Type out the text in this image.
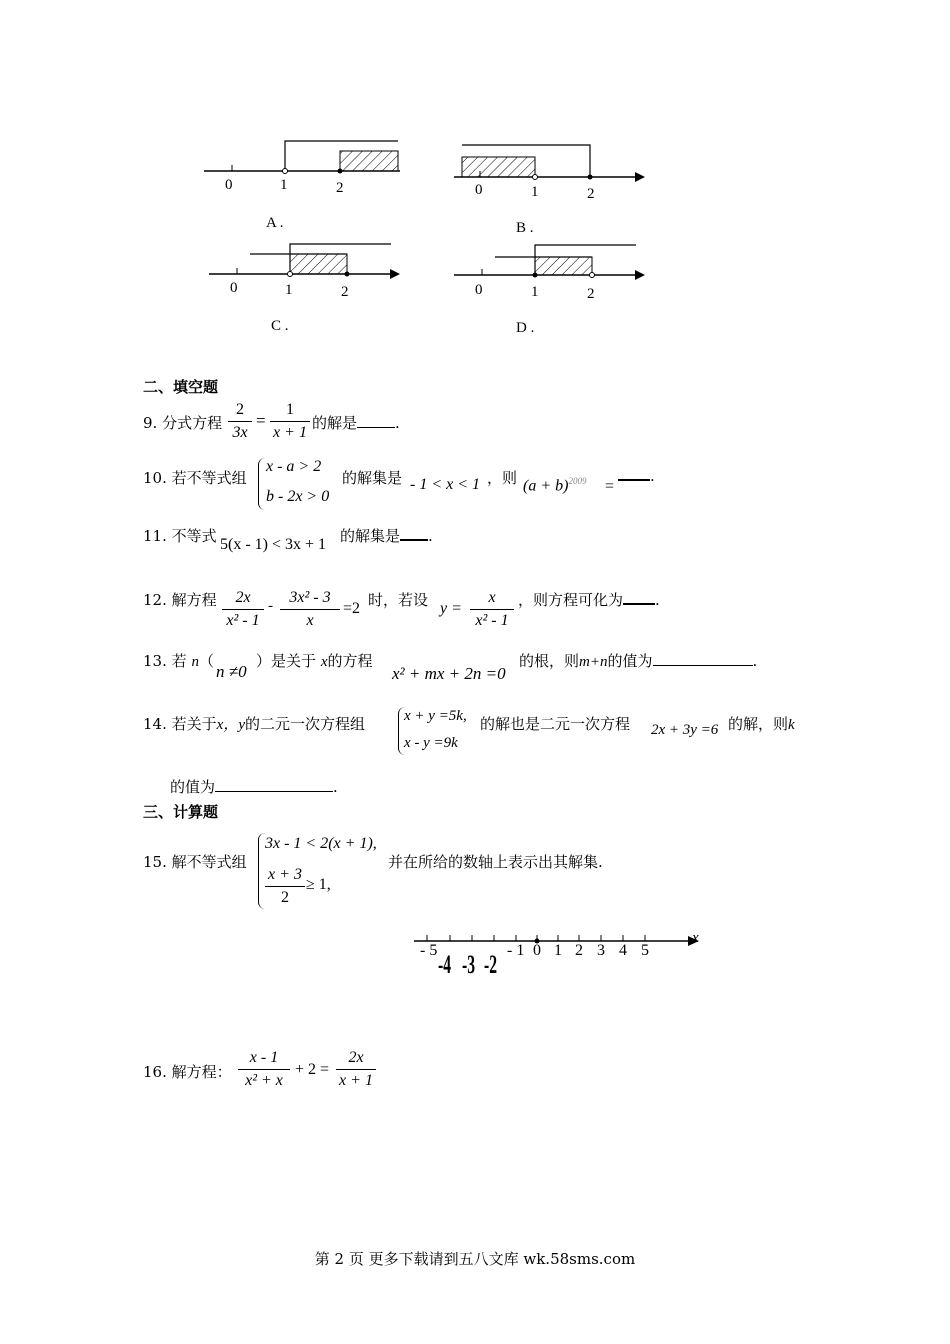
0	1	2
A .
0	1	2
B .
0	1	2
C .
0	1	2
D .
二、填空题
9. 分式方程
2
3x
=
1
x + 1
的解是	.
10. 若不等式组
x - a > 2
b - 2x > 0
的解集是 - 1 < x < 1 ，则 $(a + b)^{2009}$ =
.
11. 不等式 5(x - 1) < 3x + 1 的解集是 .
12. 解方程	2x
x² - 1
-	3x² - 3
x
=2 时，若设 y =
x
x² - 1
，则方程可化为 .
13. 若 n（
n ≠0
）是关于 x的方程
x² + mx + 2n =0
的根，则m+n的值为	.
14. 若关于x，y的二元一次方程组	x + y =5k,
x - y =9k
的解也是二元一次方程 2x + 3y =6 的解，则k
的值为	.
三、计算题
15. 解不等式组
3x - 1 < 2(x + 1),
x + 3
2
≥ 1,
并在所给的数轴上表示出其解集.
x
- 5 -4 -3 -2 - 1 0 1 2 3 4 5
16. 解方程：
x - 1
x² + x
+ 2 =
2x
x + 1
第 2 页 更多下载请到五八文库 wk.58sms.com
